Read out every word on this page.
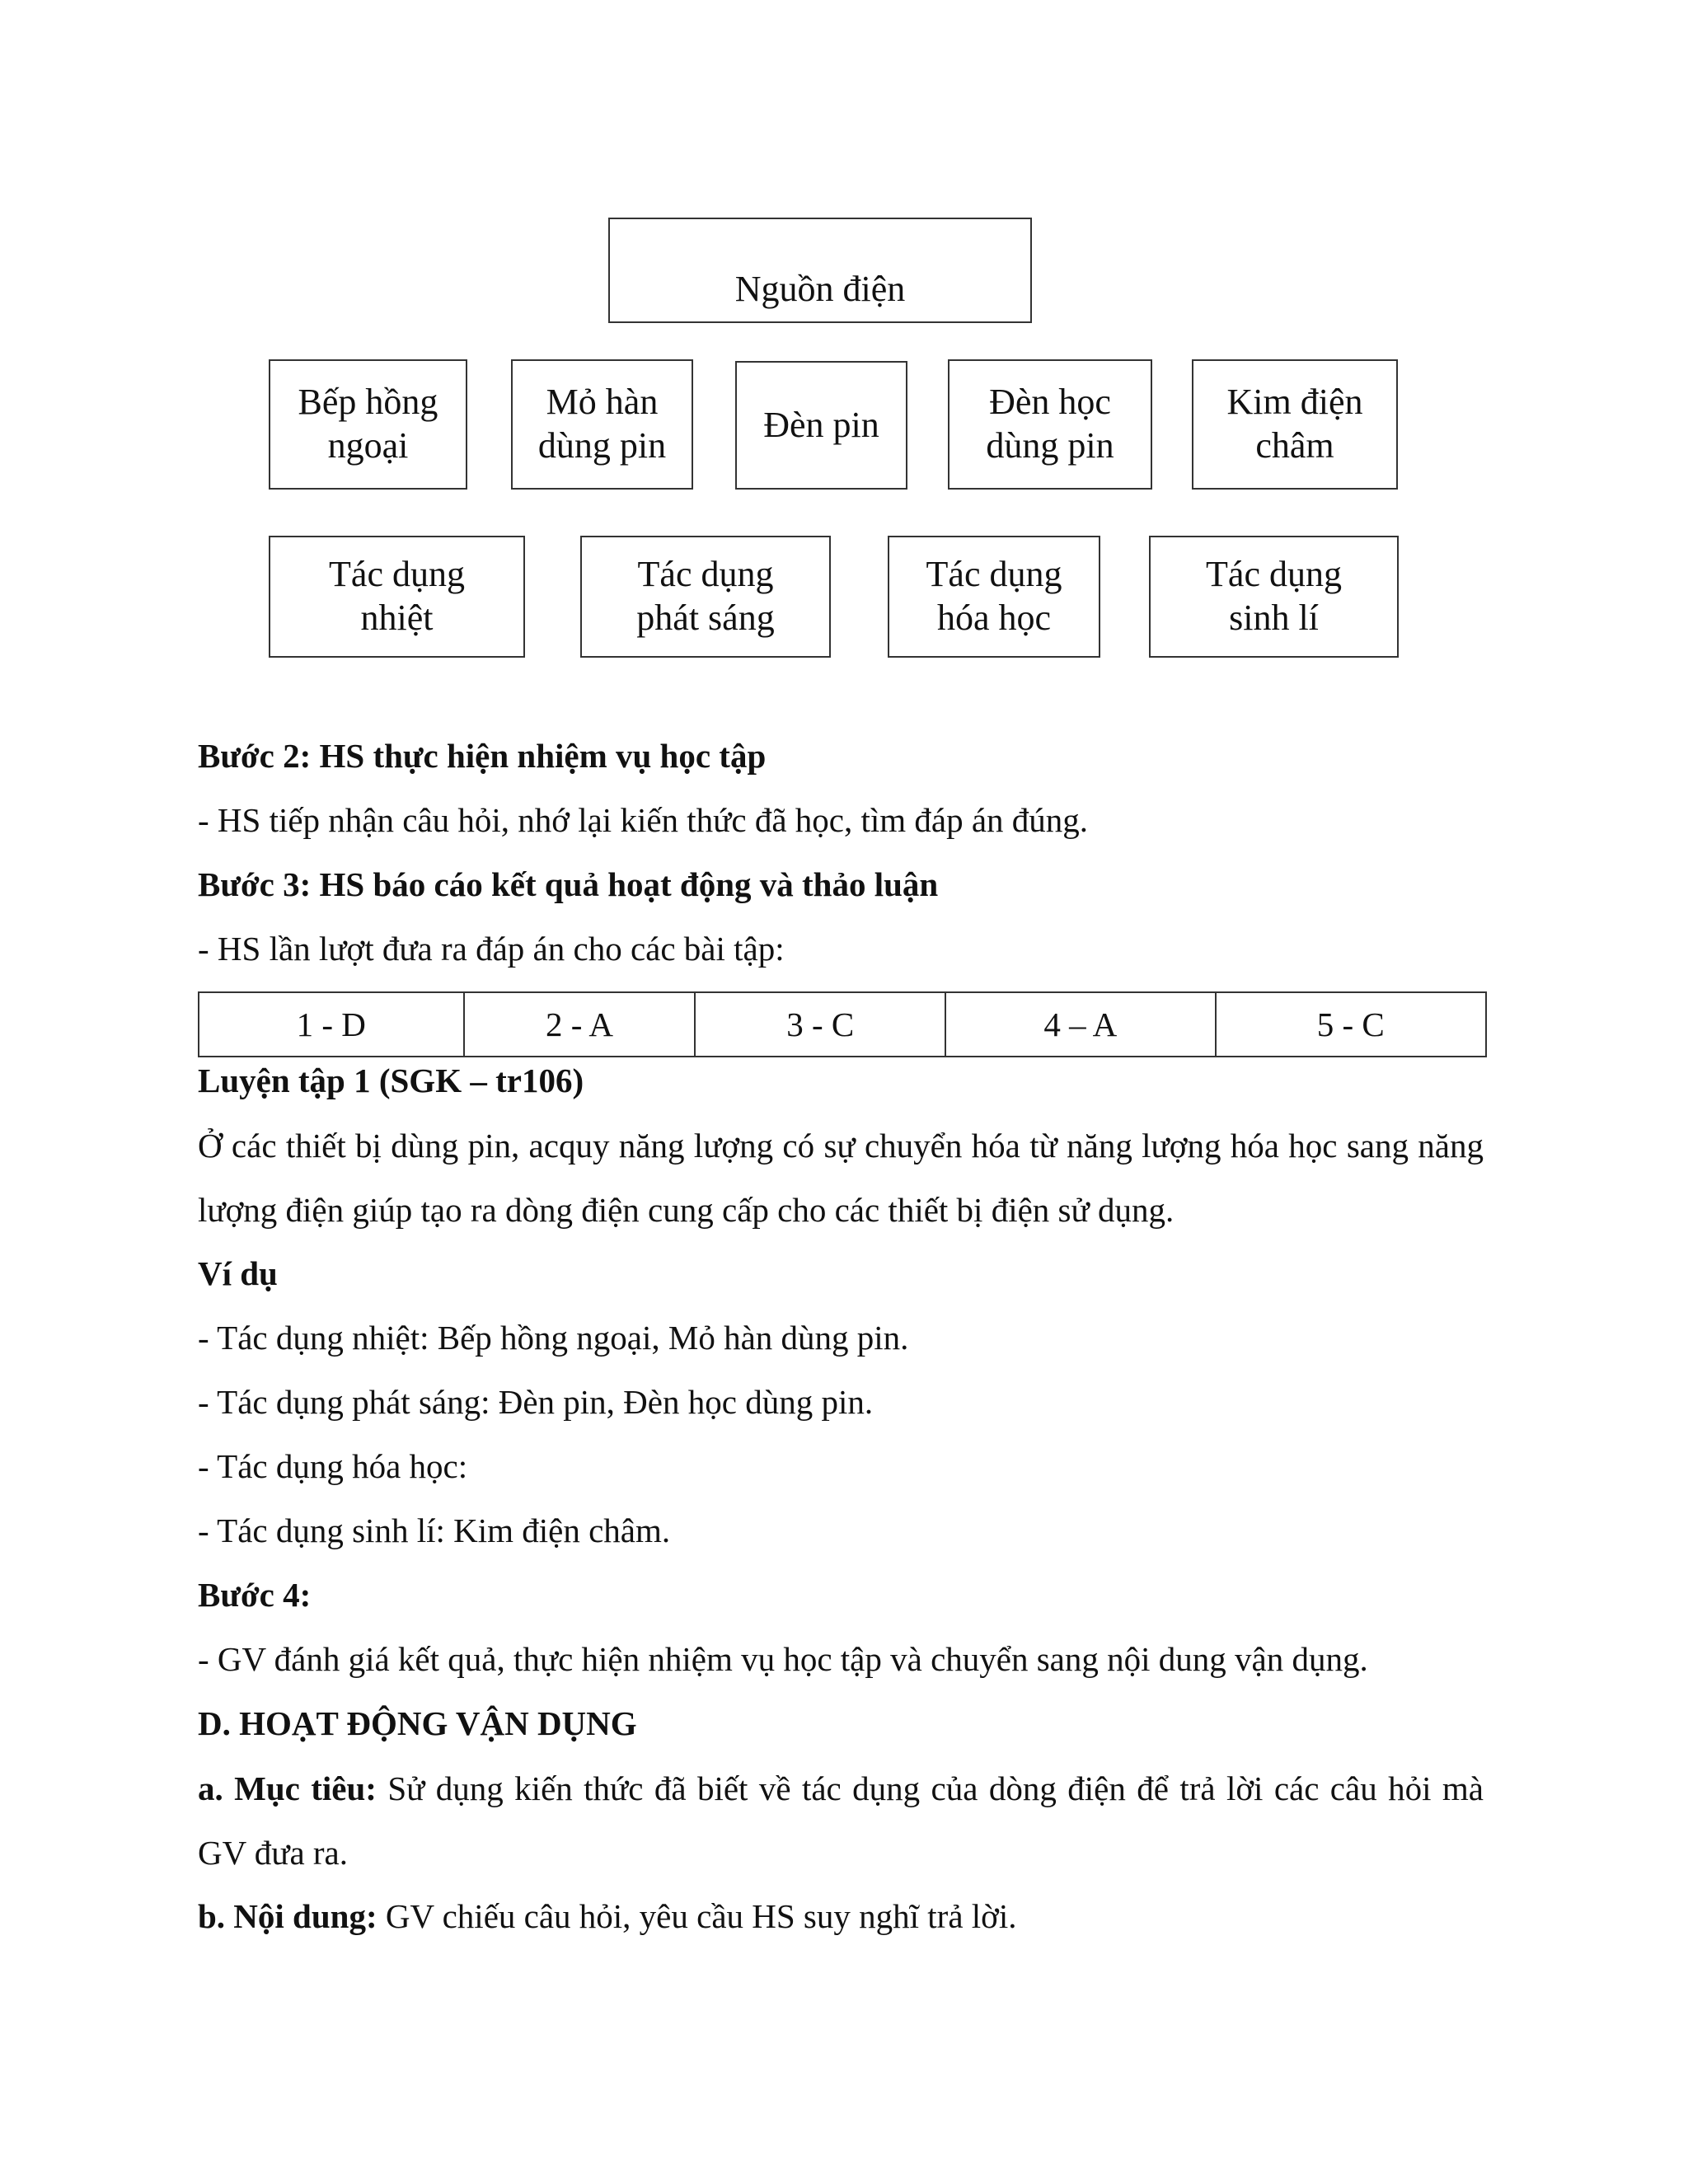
Nguồn điện
Bếp hồng ngoại
Mỏ hàn dùng pin
Đèn pin
Đèn học dùng pin
Kim điện châm
Tác dụng nhiệt
Tác dụng phát sáng
Tác dụng hóa học
Tác dụng sinh lí
Bước 2: HS thực hiện nhiệm vụ học tập
- HS tiếp nhận câu hỏi, nhớ lại kiến thức đã học, tìm đáp án đúng.
Bước 3: HS báo cáo kết quả hoạt động và thảo luận
- HS lần lượt đưa ra đáp án cho các bài tập:
Luyện tập 1 (SGK – tr106)
Ở các thiết bị dùng pin, acquy năng lượng có sự chuyển hóa từ năng lượng hóa học sang năng lượng điện giúp tạo ra dòng điện cung cấp cho các thiết bị điện sử dụng.
Ví dụ
- Tác dụng nhiệt: Bếp hồng ngoại, Mỏ hàn dùng pin.
- Tác dụng phát sáng: Đèn pin, Đèn học dùng pin.
- Tác dụng hóa học:
- Tác dụng sinh lí: Kim điện châm.
Bước 4:
- GV đánh giá kết quả, thực hiện nhiệm vụ học tập và chuyển sang nội dung vận dụng.
D. HOẠT ĐỘNG VẬN DỤNG
a. Mục tiêu: Sử dụng kiến thức đã biết về tác dụng của dòng điện để trả lời các câu hỏi mà GV đưa ra.
b. Nội dung: GV chiếu câu hỏi, yêu cầu HS suy nghĩ trả lời.
1 - D	2 - A	3 - C	4 – A	5 - C
